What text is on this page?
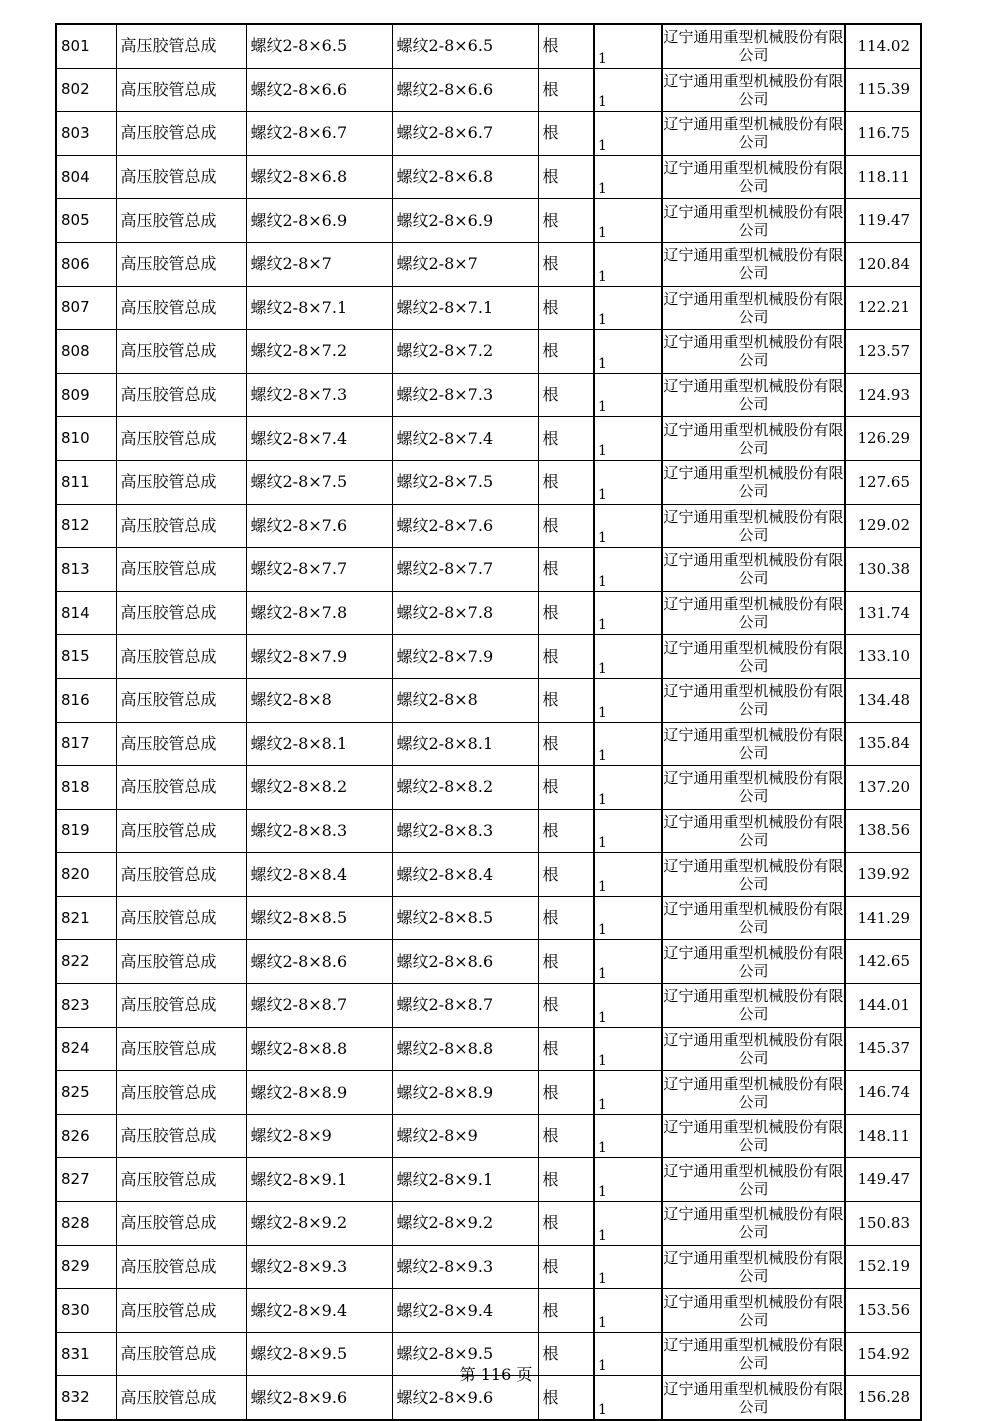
801	高压胶管总成	螺纹2-8×6.5	螺纹2-8×6.5	根	1	辽宁通用重型机械股份有限公司	114.02
802	高压胶管总成	螺纹2-8×6.6	螺纹2-8×6.6	根	1	辽宁通用重型机械股份有限公司	115.39
803	高压胶管总成	螺纹2-8×6.7	螺纹2-8×6.7	根	1	辽宁通用重型机械股份有限公司	116.75
804	高压胶管总成	螺纹2-8×6.8	螺纹2-8×6.8	根	1	辽宁通用重型机械股份有限公司	118.11
805	高压胶管总成	螺纹2-8×6.9	螺纹2-8×6.9	根	1	辽宁通用重型机械股份有限公司	119.47
806	高压胶管总成	螺纹2-8×7	螺纹2-8×7	根	1	辽宁通用重型机械股份有限公司	120.84
807	高压胶管总成	螺纹2-8×7.1	螺纹2-8×7.1	根	1	辽宁通用重型机械股份有限公司	122.21
808	高压胶管总成	螺纹2-8×7.2	螺纹2-8×7.2	根	1	辽宁通用重型机械股份有限公司	123.57
809	高压胶管总成	螺纹2-8×7.3	螺纹2-8×7.3	根	1	辽宁通用重型机械股份有限公司	124.93
810	高压胶管总成	螺纹2-8×7.4	螺纹2-8×7.4	根	1	辽宁通用重型机械股份有限公司	126.29
811	高压胶管总成	螺纹2-8×7.5	螺纹2-8×7.5	根	1	辽宁通用重型机械股份有限公司	127.65
812	高压胶管总成	螺纹2-8×7.6	螺纹2-8×7.6	根	1	辽宁通用重型机械股份有限公司	129.02
813	高压胶管总成	螺纹2-8×7.7	螺纹2-8×7.7	根	1	辽宁通用重型机械股份有限公司	130.38
814	高压胶管总成	螺纹2-8×7.8	螺纹2-8×7.8	根	1	辽宁通用重型机械股份有限公司	131.74
815	高压胶管总成	螺纹2-8×7.9	螺纹2-8×7.9	根	1	辽宁通用重型机械股份有限公司	133.10
816	高压胶管总成	螺纹2-8×8	螺纹2-8×8	根	1	辽宁通用重型机械股份有限公司	134.48
817	高压胶管总成	螺纹2-8×8.1	螺纹2-8×8.1	根	1	辽宁通用重型机械股份有限公司	135.84
818	高压胶管总成	螺纹2-8×8.2	螺纹2-8×8.2	根	1	辽宁通用重型机械股份有限公司	137.20
819	高压胶管总成	螺纹2-8×8.3	螺纹2-8×8.3	根	1	辽宁通用重型机械股份有限公司	138.56
820	高压胶管总成	螺纹2-8×8.4	螺纹2-8×8.4	根	1	辽宁通用重型机械股份有限公司	139.92
821	高压胶管总成	螺纹2-8×8.5	螺纹2-8×8.5	根	1	辽宁通用重型机械股份有限公司	141.29
822	高压胶管总成	螺纹2-8×8.6	螺纹2-8×8.6	根	1	辽宁通用重型机械股份有限公司	142.65
823	高压胶管总成	螺纹2-8×8.7	螺纹2-8×8.7	根	1	辽宁通用重型机械股份有限公司	144.01
824	高压胶管总成	螺纹2-8×8.8	螺纹2-8×8.8	根	1	辽宁通用重型机械股份有限公司	145.37
825	高压胶管总成	螺纹2-8×8.9	螺纹2-8×8.9	根	1	辽宁通用重型机械股份有限公司	146.74
826	高压胶管总成	螺纹2-8×9	螺纹2-8×9	根	1	辽宁通用重型机械股份有限公司	148.11
827	高压胶管总成	螺纹2-8×9.1	螺纹2-8×9.1	根	1	辽宁通用重型机械股份有限公司	149.47
828	高压胶管总成	螺纹2-8×9.2	螺纹2-8×9.2	根	1	辽宁通用重型机械股份有限公司	150.83
829	高压胶管总成	螺纹2-8×9.3	螺纹2-8×9.3	根	1	辽宁通用重型机械股份有限公司	152.19
830	高压胶管总成	螺纹2-8×9.4	螺纹2-8×9.4	根	1	辽宁通用重型机械股份有限公司	153.56
831	高压胶管总成	螺纹2-8×9.5	螺纹2-8×9.5	根	1	辽宁通用重型机械股份有限公司	154.92
832	高压胶管总成	螺纹2-8×9.6	螺纹2-8×9.6	根	1	辽宁通用重型机械股份有限公司	156.28
第 116 页
